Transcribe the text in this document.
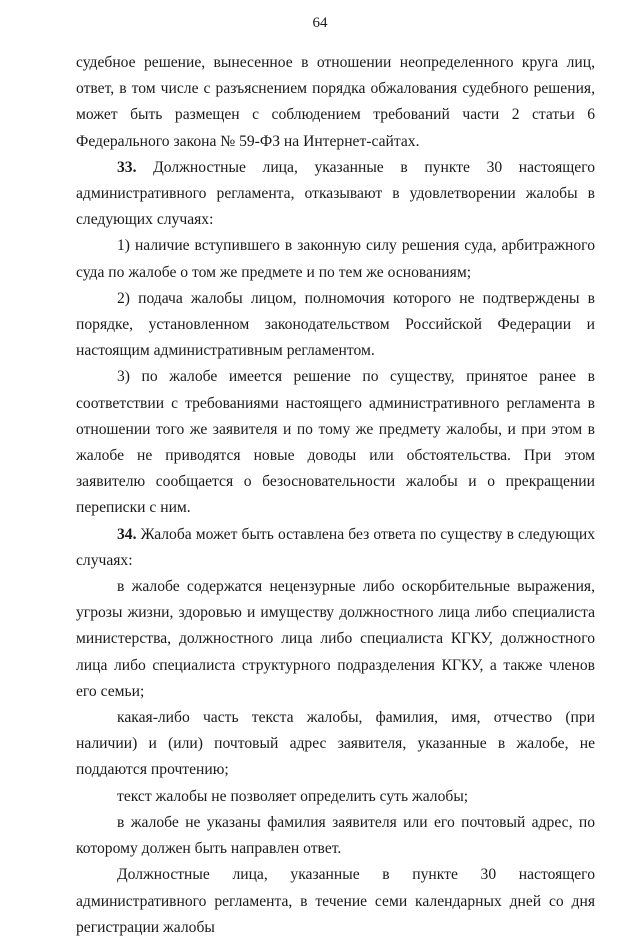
64

судебное решение, вынесенное в отношении неопределенного круга лиц, ответ, в том числе с разъяснением порядка обжалования судебного решения, может быть размещен с соблюдением требований части 2 статьи 6 Федерального закона № 59-ФЗ на Интернет-сайтах.

33. Должностные лица, указанные в пункте 30 настоящего административного регламента, отказывают в удовлетворении жалобы в следующих случаях:

1) наличие вступившего в законную силу решения суда, арбитражного суда по жалобе о том же предмете и по тем же основаниям;

2) подача жалобы лицом, полномочия которого не подтверждены в порядке, установленном законодательством Российской Федерации и настоящим административным регламентом.

3) по жалобе имеется решение по существу, принятое ранее в соответствии с требованиями настоящего административного регламента в отношении того же заявителя и по тому же предмету жалобы, и при этом в жалобе не приводятся новые доводы или обстоятельства. При этом заявителю сообщается о безосновательности жалобы и о прекращении переписки с ним.

34. Жалоба может быть оставлена без ответа по существу в следующих случаях:

в жалобе содержатся нецензурные либо оскорбительные выражения, угрозы жизни, здоровью и имуществу должностного лица либо специалиста министерства, должностного лица либо специалиста КГКУ, должностного лица либо специалиста структурного подразделения КГКУ, а также членов его семьи;

какая-либо часть текста жалобы, фамилия, имя, отчество (при наличии) и (или) почтовый адрес заявителя, указанные в жалобе, не поддаются прочтению;

текст жалобы не позволяет определить суть жалобы;

в жалобе не указаны фамилия заявителя или его почтовый адрес, по которому должен быть направлен ответ.

Должностные лица, указанные в пункте 30 настоящего административного регламента, в течение семи календарных дней со дня регистрации жалобы
